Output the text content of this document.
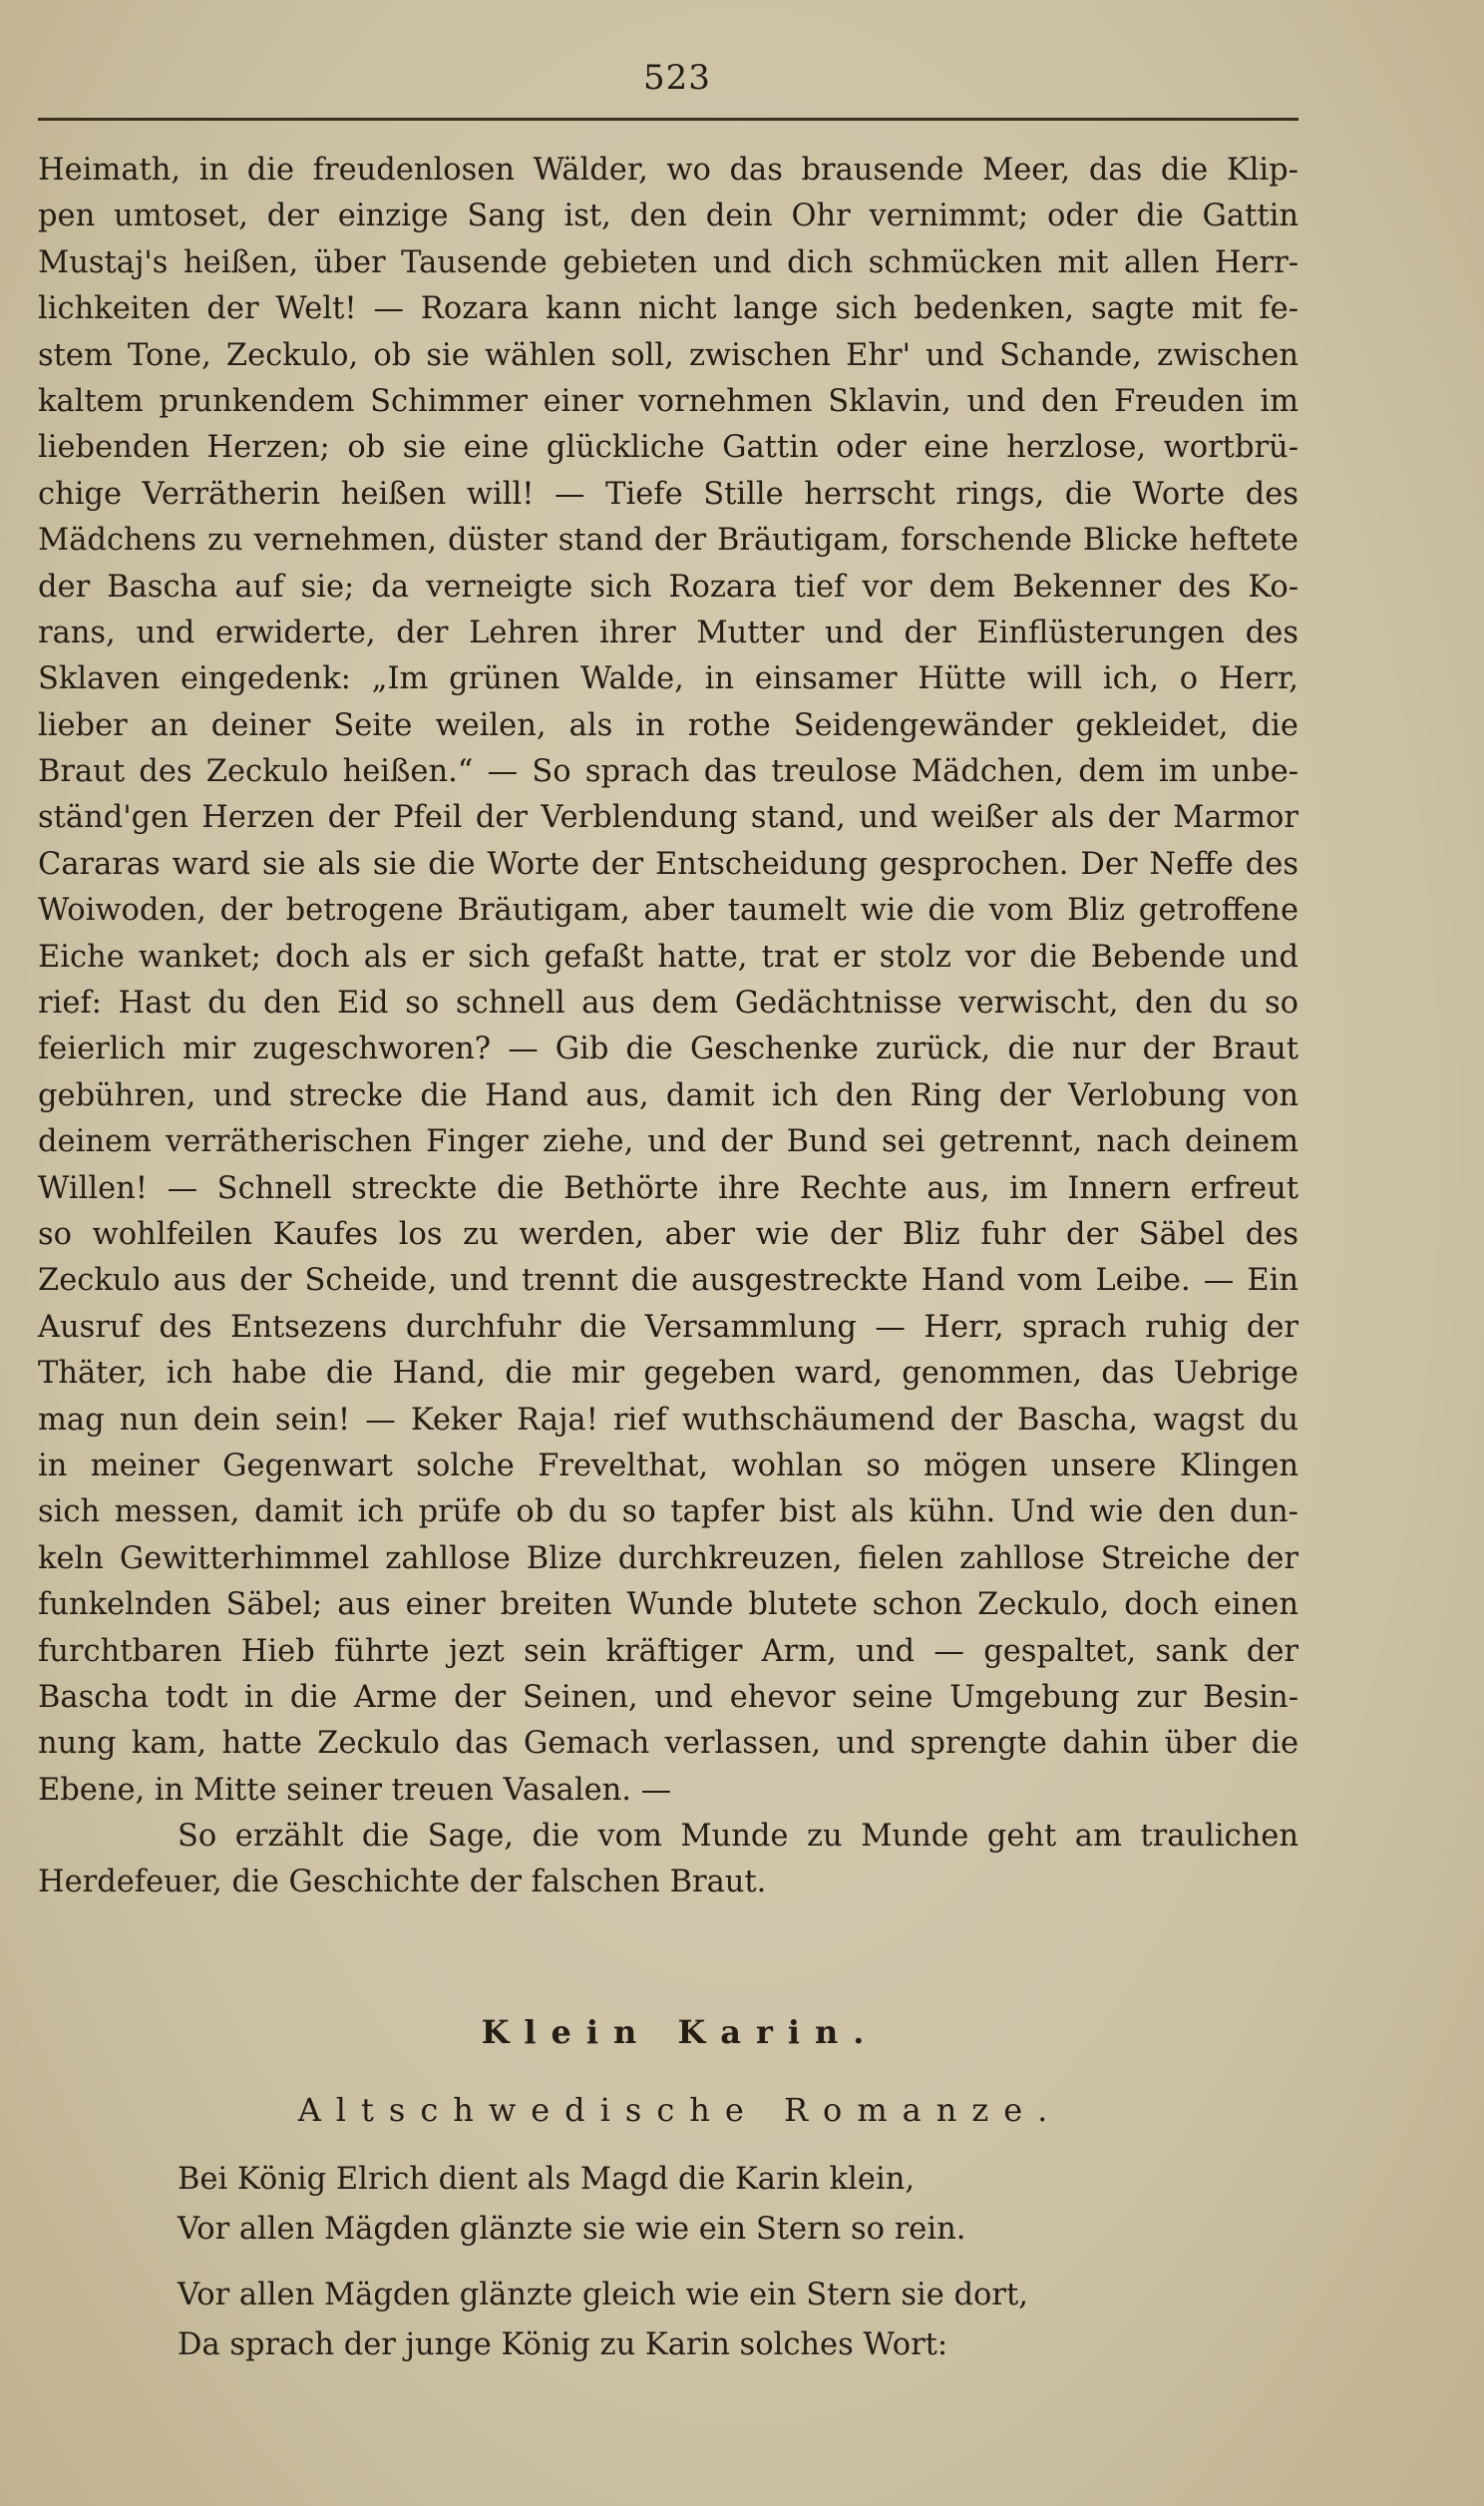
523
Heimath, in die freudenlosen Wälder, wo das brausende Meer, das die Klip-
pen umtoset, der einzige Sang ist, den dein Ohr vernimmt; oder die Gattin
Mustaj's heißen, über Tausende gebieten und dich schmücken mit allen Herr-
lichkeiten der Welt! — Rozara kann nicht lange sich bedenken, sagte mit fe-
stem Tone, Zeckulo, ob sie wählen soll, zwischen Ehr' und Schande, zwischen
kaltem prunkendem Schimmer einer vornehmen Sklavin, und den Freuden im
liebenden Herzen; ob sie eine glückliche Gattin oder eine herzlose, wortbrü-
chige Verrätherin heißen will! — Tiefe Stille herrscht rings, die Worte des
Mädchens zu vernehmen, düster stand der Bräutigam, forschende Blicke heftete
der Bascha auf sie; da verneigte sich Rozara tief vor dem Bekenner des Ko-
rans, und erwiderte, der Lehren ihrer Mutter und der Einflüsterungen des
Sklaven eingedenk: „Im grünen Walde, in einsamer Hütte will ich, o Herr,
lieber an deiner Seite weilen, als in rothe Seidengewänder gekleidet, die
Braut des Zeckulo heißen.“ — So sprach das treulose Mädchen, dem im unbe-
ständ'gen Herzen der Pfeil der Verblendung stand, und weißer als der Marmor
Cararas ward sie als sie die Worte der Entscheidung gesprochen. Der Neffe des
Woiwoden, der betrogene Bräutigam, aber taumelt wie die vom Bliz getroffene
Eiche wanket; doch als er sich gefaßt hatte, trat er stolz vor die Bebende und
rief: Hast du den Eid so schnell aus dem Gedächtnisse verwischt, den du so
feierlich mir zugeschworen? — Gib die Geschenke zurück, die nur der Braut
gebühren, und strecke die Hand aus, damit ich den Ring der Verlobung von
deinem verrätherischen Finger ziehe, und der Bund sei getrennt, nach deinem
Willen! — Schnell streckte die Bethörte ihre Rechte aus, im Innern erfreut
so wohlfeilen Kaufes los zu werden, aber wie der Bliz fuhr der Säbel des
Zeckulo aus der Scheide, und trennt die ausgestreckte Hand vom Leibe. — Ein
Ausruf des Entsezens durchfuhr die Versammlung — Herr, sprach ruhig der
Thäter, ich habe die Hand, die mir gegeben ward, genommen, das Uebrige
mag nun dein sein! — Keker Raja! rief wuthschäumend der Bascha, wagst du
in meiner Gegenwart solche Frevelthat, wohlan so mögen unsere Klingen
sich messen, damit ich prüfe ob du so tapfer bist als kühn. Und wie den dun-
keln Gewitterhimmel zahllose Blize durchkreuzen, fielen zahllose Streiche der
funkelnden Säbel; aus einer breiten Wunde blutete schon Zeckulo, doch einen
furchtbaren Hieb führte jezt sein kräftiger Arm, und — gespaltet, sank der
Bascha todt in die Arme der Seinen, und ehevor seine Umgebung zur Besin-
nung kam, hatte Zeckulo das Gemach verlassen, und sprengte dahin über die
Ebene, in Mitte seiner treuen Vasalen. —
So erzählt die Sage, die vom Munde zu Munde geht am traulichen
Herdefeuer, die Geschichte der falschen Braut.
Klein Karin.
Altschwedische Romanze.
Bei König Elrich dient als Magd die Karin klein,
Vor allen Mägden glänzte sie wie ein Stern so rein.
Vor allen Mägden glänzte gleich wie ein Stern sie dort,
Da sprach der junge König zu Karin solches Wort:
